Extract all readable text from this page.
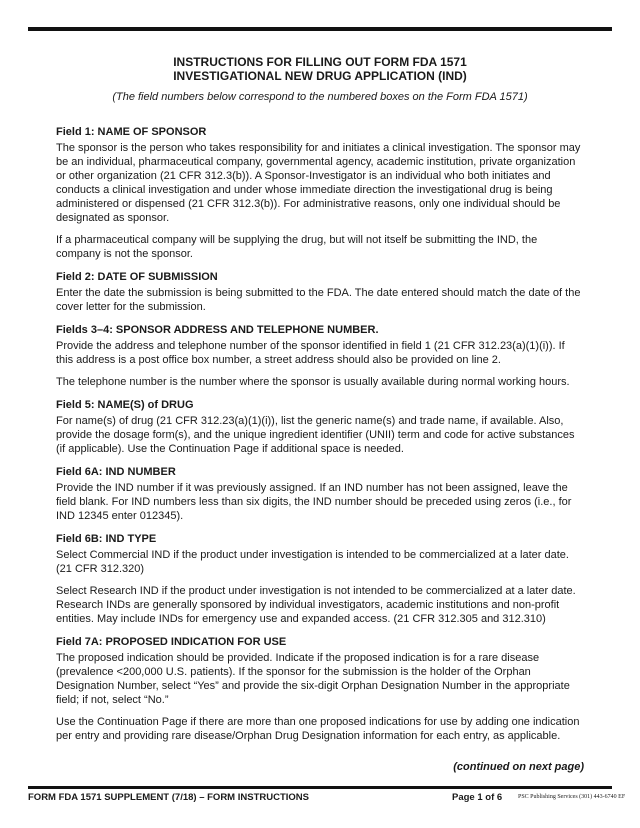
INSTRUCTIONS FOR FILLING OUT FORM FDA 1571
INVESTIGATIONAL NEW DRUG APPLICATION (IND)
(The field numbers below correspond to the numbered boxes on the Form FDA 1571)
Field 1: NAME OF SPONSOR

The sponsor is the person who takes responsibility for and initiates a clinical investigation. The sponsor may be an individual, pharmaceutical company, governmental agency, academic institution, private organization or other organization (21 CFR 312.3(b)). A Sponsor-Investigator is an individual who both initiates and conducts a clinical investigation and under whose immediate direction the investigational drug is being administered or dispensed (21 CFR 312.3(b)). For administrative reasons, only one individual should be designated as sponsor.

If a pharmaceutical company will be supplying the drug, but will not itself be submitting the IND, the company is not the sponsor.

Field 2: DATE OF SUBMISSION

Enter the date the submission is being submitted to the FDA. The date entered should match the date of the cover letter for the submission.

Fields 3–4: SPONSOR ADDRESS AND TELEPHONE NUMBER.

Provide the address and telephone number of the sponsor identified in field 1 (21 CFR 312.23(a)(1)(i)). If this address is a post office box number, a street address should also be provided on line 2.

The telephone number is the number where the sponsor is usually available during normal working hours.

Field 5: NAME(S) of DRUG

For name(s) of drug (21 CFR 312.23(a)(1)(i)), list the generic name(s) and trade name, if available. Also, provide the dosage form(s), and the unique ingredient identifier (UNII) term and code for active substances (if applicable). Use the Continuation Page if additional space is needed.

Field 6A: IND NUMBER

Provide the IND number if it was previously assigned. If an IND number has not been assigned, leave the field blank. For IND numbers less than six digits, the IND number should be preceded using zeros (i.e., for IND 12345 enter 012345).

Field 6B: IND TYPE

Select Commercial IND if the product under investigation is intended to be commercialized at a later date. (21 CFR 312.320)

Select Research IND if the product under investigation is not intended to be commercialized at a later date. Research INDs are generally sponsored by individual investigators, academic institutions and non-profit entities. May include INDs for emergency use and expanded access. (21 CFR 312.305 and 312.310)

Field 7A: PROPOSED INDICATION FOR USE

The proposed indication should be provided. Indicate if the proposed indication is for a rare disease (prevalence <200,000 U.S. patients). If the sponsor for the submission is the holder of the Orphan Designation Number, select “Yes” and provide the six-digit Orphan Designation Number in the appropriate field; if not, select “No.”

Use the Continuation Page if there are more than one proposed indications for use by adding one indication per entry and providing rare disease/Orphan Drug Designation information for each entry, as applicable.

(continued on next page)
FORM FDA 1571 SUPPLEMENT (7/18) – FORM INSTRUCTIONS	Page 1 of 6	PSC Publishing Services (301) 443-6740 EF
